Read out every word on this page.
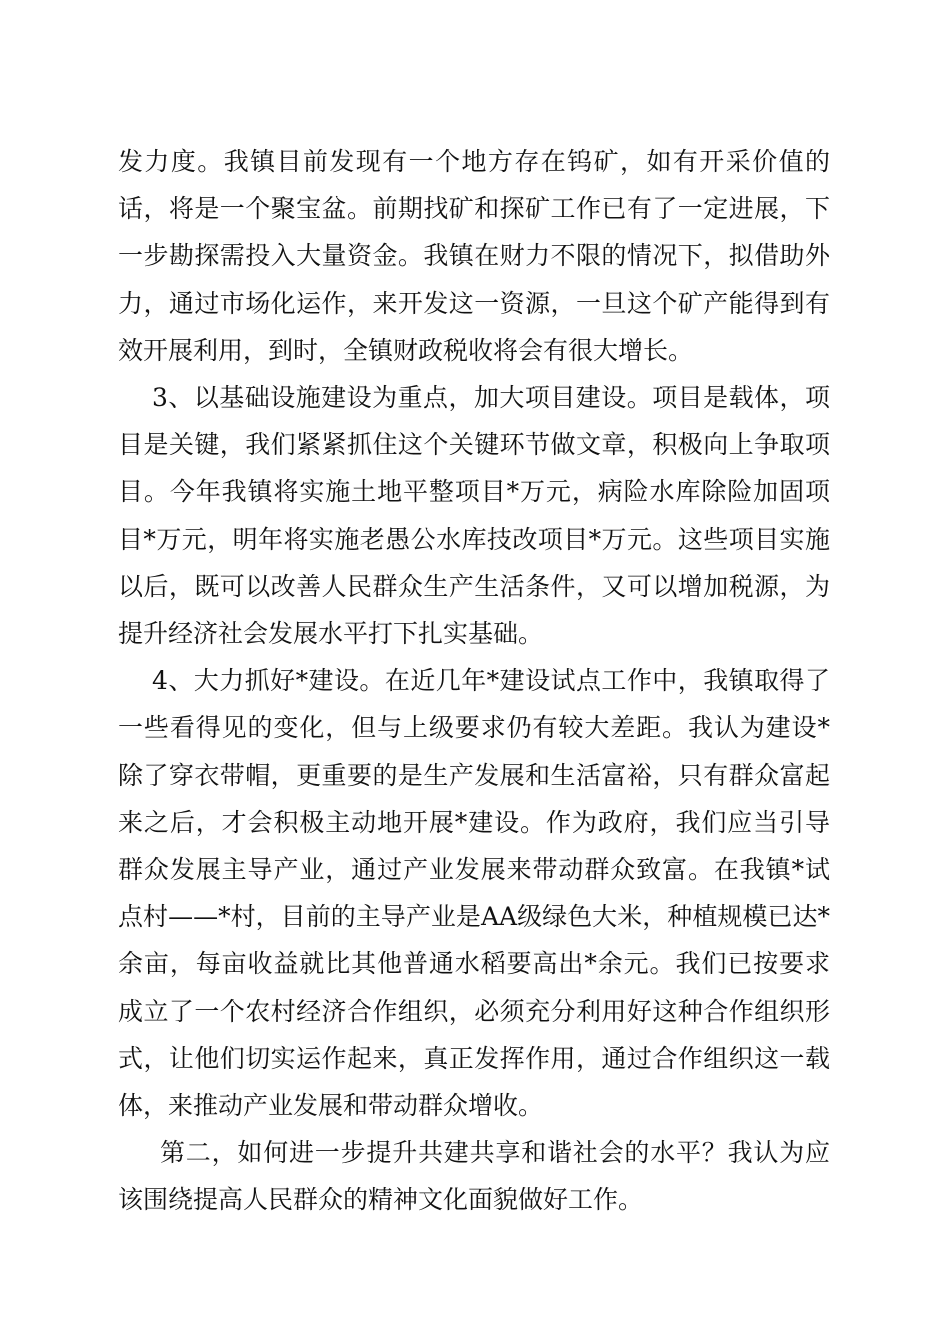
发力度。我镇目前发现有一个地方存在钨矿，如有开采价值的话，将是一个聚宝盆。前期找矿和探矿工作已有了一定进展，下一步勘探需投入大量资金。我镇在财力不限的情况下，拟借助外力，通过市场化运作，来开发这一资源，一旦这个矿产能得到有效开展利用，到时，全镇财政税收将会有很大增长。

3、以基础设施建设为重点，加大项目建设。项目是载体，项目是关键，我们紧紧抓住这个关键环节做文章，积极向上争取项目。今年我镇将实施土地平整项目*万元，病险水库除险加固项目*万元，明年将实施老愚公水库技改项目*万元。这些项目实施以后，既可以改善人民群众生产生活条件，又可以增加税源，为提升经济社会发展水平打下扎实基础。

4、大力抓好*建设。在近几年*建设试点工作中，我镇取得了一些看得见的变化，但与上级要求仍有较大差距。我认为建设*除了穿衣带帽，更重要的是生产发展和生活富裕，只有群众富起来之后，才会积极主动地开展*建设。作为政府，我们应当引导群众发展主导产业，通过产业发展来带动群众致富。在我镇*试点村——*村，目前的主导产业是AA级绿色大米，种植规模已达*余亩，每亩收益就比其他普通水稻要高出*余元。我们已按要求成立了一个农村经济合作组织，必须充分利用好这种合作组织形式，让他们切实运作起来，真正发挥作用，通过合作组织这一载体，来推动产业发展和带动群众增收。

第二，如何进一步提升共建共享和谐社会的水平？我认为应该围绕提高人民群众的精神文化面貌做好工作。
